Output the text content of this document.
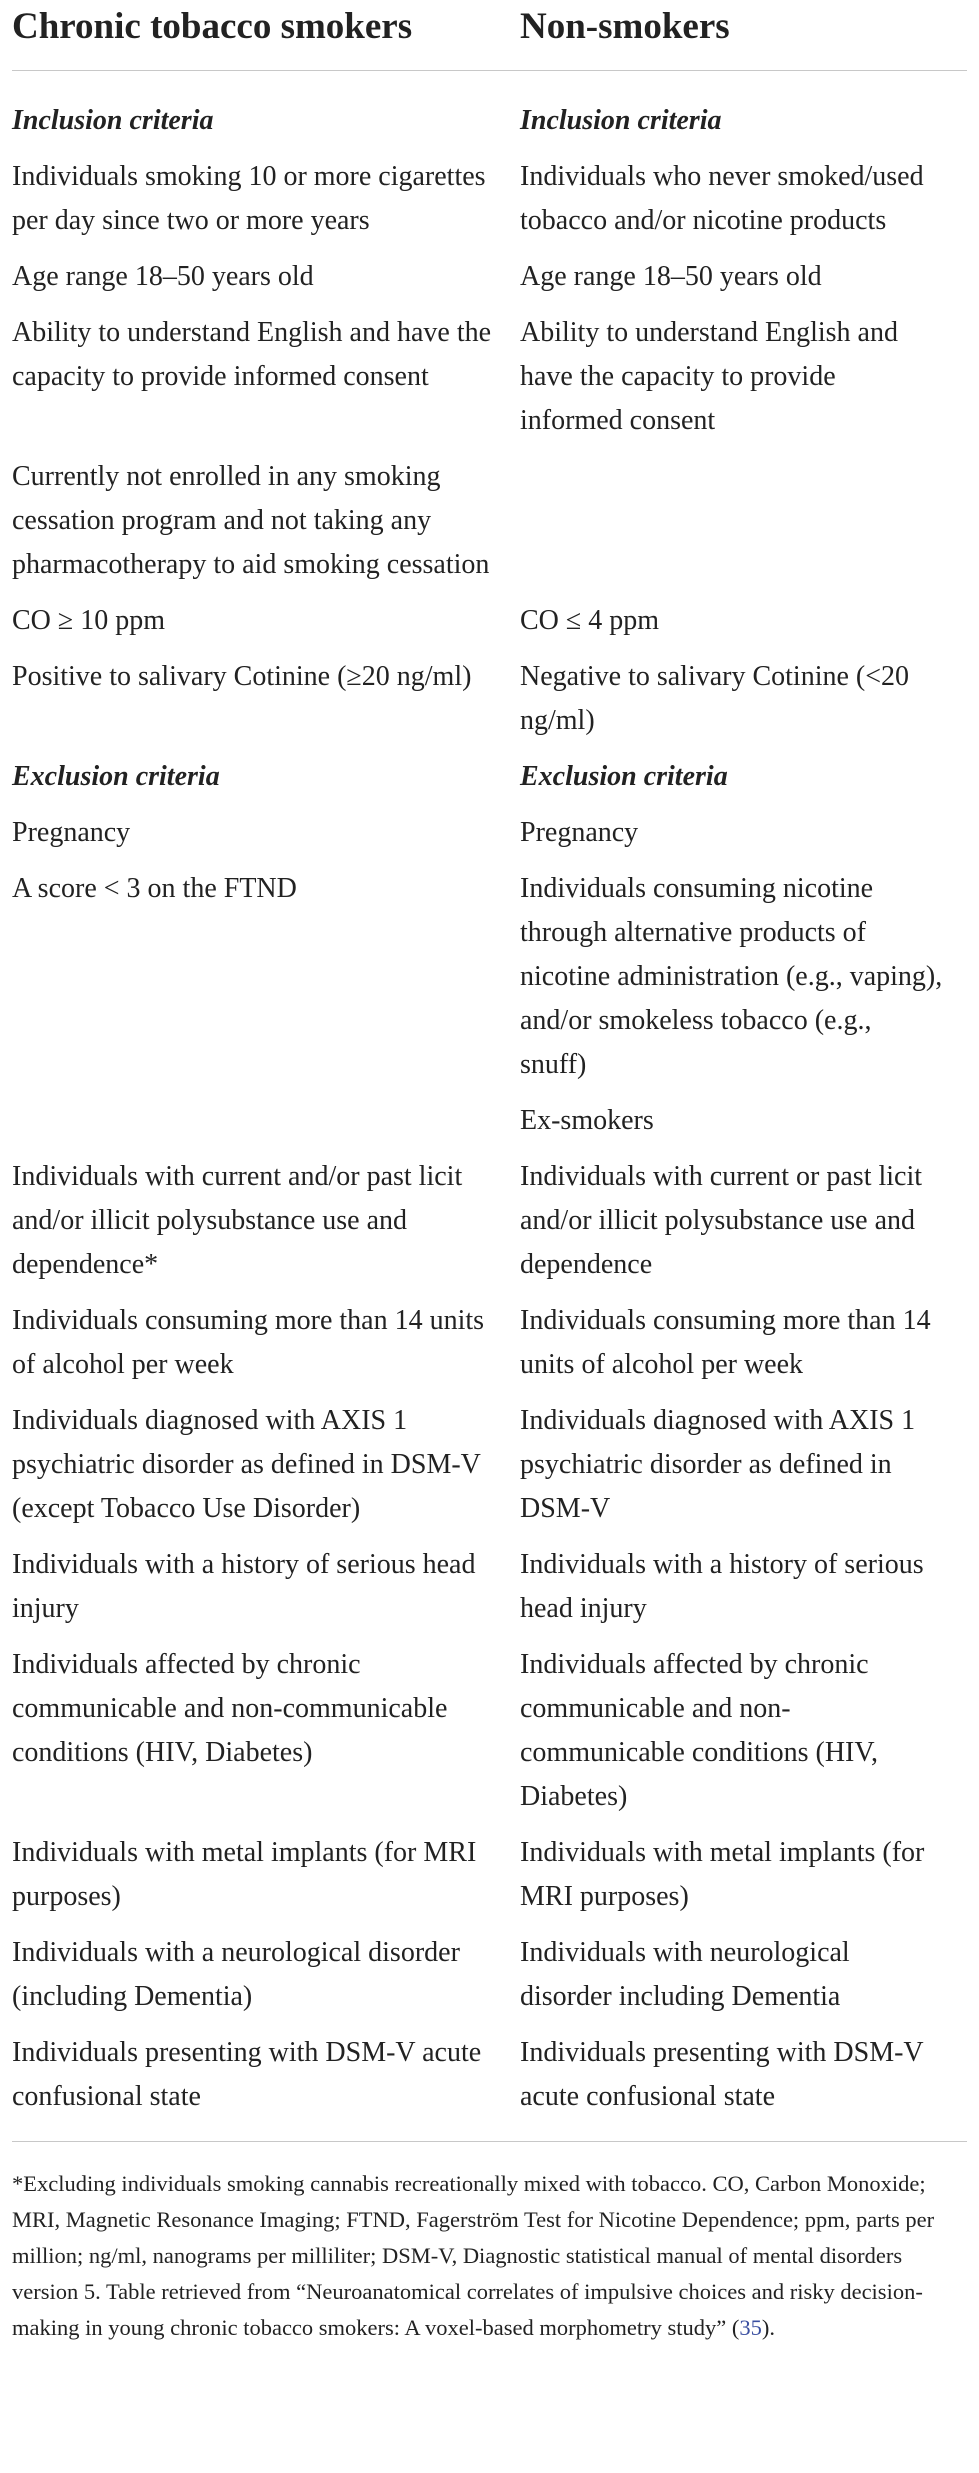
Chronic tobacco smokers	Non-smokers
Inclusion criteria	Inclusion criteria
Individuals smoking 10 or more cigarettes per day since two or more years	Individuals who never smoked/used tobacco and/or nicotine products
Age range 18–50 years old	Age range 18–50 years old
Ability to understand English and have the capacity to provide informed consent	Ability to understand English and have the capacity to provide informed consent
Currently not enrolled in any smoking cessation program and not taking any pharmacotherapy to aid smoking cessation	
CO ≥ 10 ppm	CO ≤ 4 ppm
Positive to salivary Cotinine (≥20 ng/ml)	Negative to salivary Cotinine (<20 ng/ml)
Exclusion criteria	Exclusion criteria
Pregnancy	Pregnancy
A score < 3 on the FTND	Individuals consuming nicotine through alternative products of nicotine administration (e.g., vaping), and/or smokeless tobacco (e.g., snuff)
	Ex-smokers
Individuals with current and/or past licit and/or illicit polysubstance use and dependence*	Individuals with current or past licit and/or illicit polysubstance use and dependence
Individuals consuming more than 14 units of alcohol per week	Individuals consuming more than 14 units of alcohol per week
Individuals diagnosed with AXIS 1 psychiatric disorder as defined in DSM-V (except Tobacco Use Disorder)	Individuals diagnosed with AXIS 1 psychiatric disorder as defined in DSM-V
Individuals with a history of serious head injury	Individuals with a history of serious head injury
Individuals affected by chronic communicable and non-communicable conditions (HIV, Diabetes)	Individuals affected by chronic communicable and non-communicable conditions (HIV, Diabetes)
Individuals with metal implants (for MRI purposes)	Individuals with metal implants (for MRI purposes)
Individuals with a neurological disorder (including Dementia)	Individuals with neurological disorder including Dementia
Individuals presenting with DSM-V acute confusional state	Individuals presenting with DSM-V acute confusional state
*Excluding individuals smoking cannabis recreationally mixed with tobacco. CO, Carbon Monoxide; MRI, Magnetic Resonance Imaging; FTND, Fagerström Test for Nicotine Dependence; ppm, parts per million; ng/ml, nanograms per milliliter; DSM-V, Diagnostic statistical manual of mental disorders version 5. Table retrieved from “Neuroanatomical correlates of impulsive choices and risky decision-making in young chronic tobacco smokers: A voxel-based morphometry study” (35).
